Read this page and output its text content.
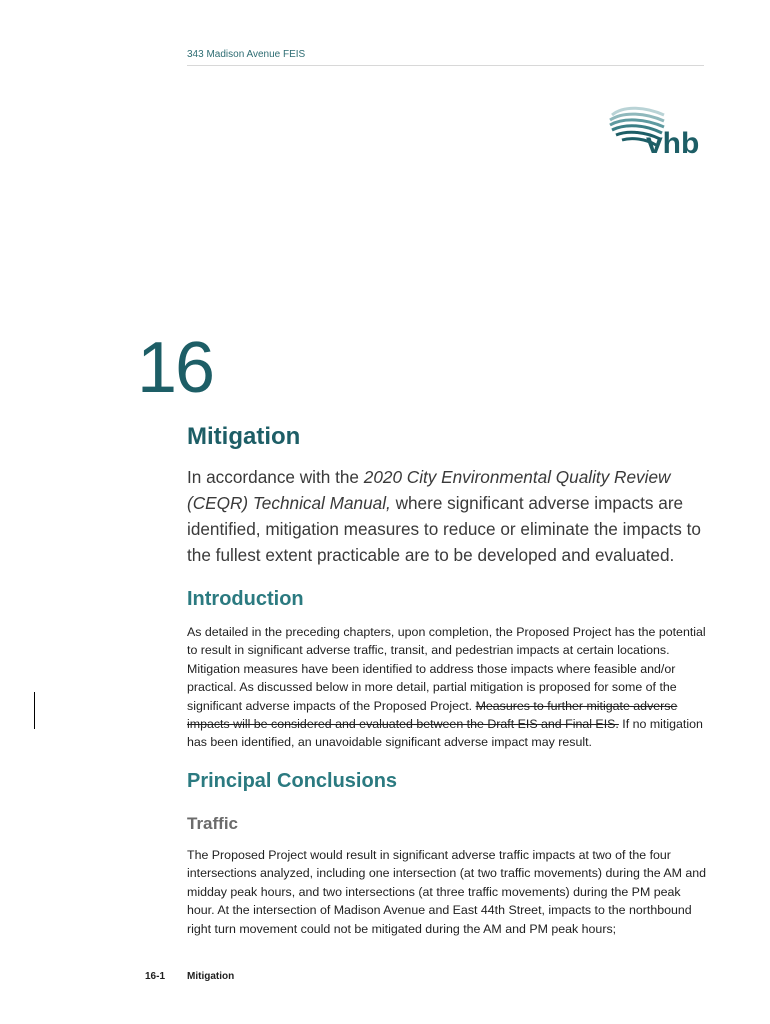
343 Madison Avenue FEIS
vhb
16
Mitigation
In accordance with the 2020 City Environmental Quality Review (CEQR) Technical Manual, where significant adverse impacts are identified, mitigation measures to reduce or eliminate the impacts to the fullest extent practicable are to be developed and evaluated.
Introduction
As detailed in the preceding chapters, upon completion, the Proposed Project has the potential to result in significant adverse traffic, transit, and pedestrian impacts at certain locations. Mitigation measures have been identified to address those impacts where feasible and/or practical. As discussed below in more detail, partial mitigation is proposed for some of the significant adverse impacts of the Proposed Project. Measures to further mitigate adverse impacts will be considered and evaluated between the Draft EIS and Final EIS. If no mitigation has been identified, an unavoidable significant adverse impact may result.
Principal Conclusions
Traffic
The Proposed Project would result in significant adverse traffic impacts at two of the four intersections analyzed, including one intersection (at two traffic movements) during the AM and midday peak hours, and two intersections (at three traffic movements) during the PM peak hour. At the intersection of Madison Avenue and East 44th Street, impacts to the northbound right turn movement could not be mitigated during the AM and PM peak hours;
16-1 Mitigation
